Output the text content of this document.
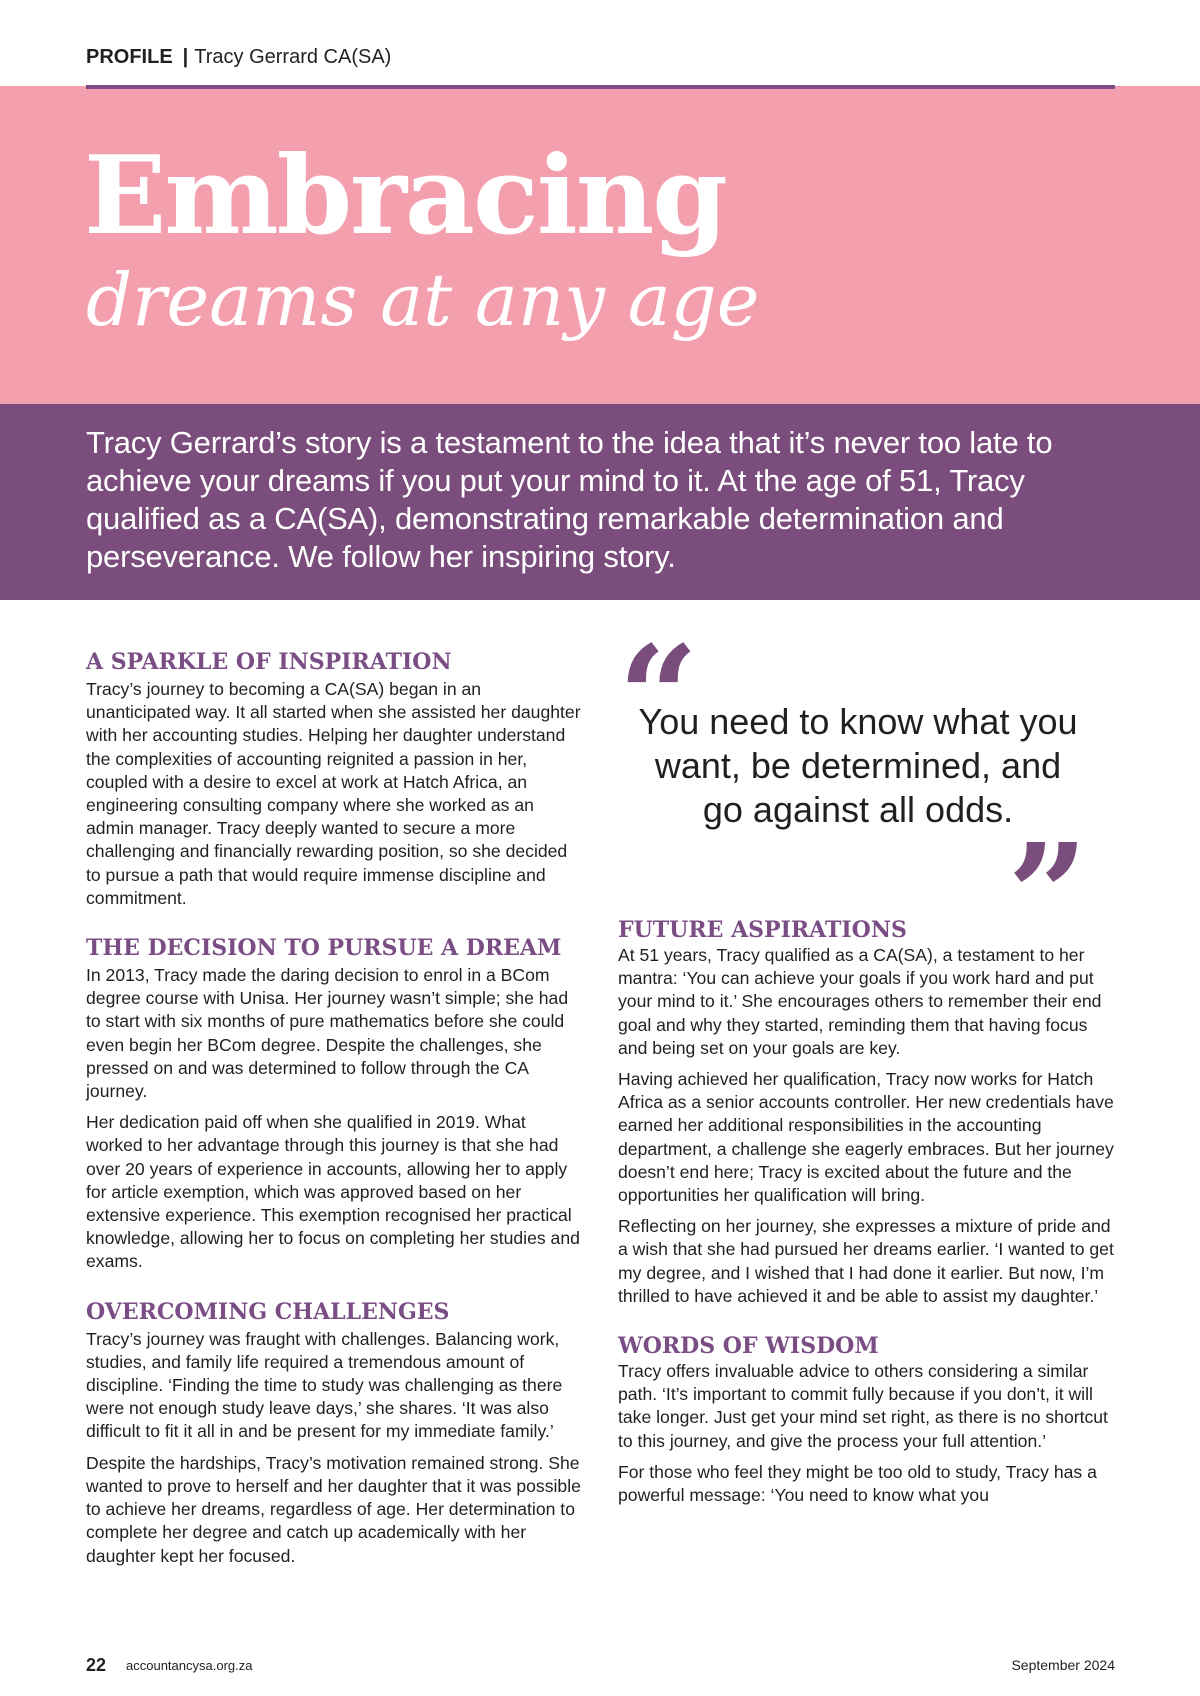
PROFILE | Tracy Gerrard CA(SA)
Embracing
dreams at any age

Tracy Gerrard’s story is a testament to the idea that it’s never too late to achieve your dreams if you put your mind to it. At the age of 51, Tracy qualified as a CA(SA), demonstrating remarkable determination and perseverance. We follow her inspiring story.

A SPARKLE OF INSPIRATION

Tracy’s journey to becoming a CA(SA) began in an unanticipated way. It all started when she assisted her daughter with her accounting studies. Helping her daughter understand the complexities of accounting reignited a passion in her, coupled with a desire to excel at work at Hatch Africa, an engineering consulting company where she worked as an admin manager. Tracy deeply wanted to secure a more challenging and financially rewarding position, so she decided to pursue a path that would require immense discipline and commitment.

THE DECISION TO PURSUE A DREAM

In 2013, Tracy made the daring decision to enrol in a BCom degree course with Unisa. Her journey wasn’t simple; she had to start with six months of pure mathematics before she could even begin her BCom degree. Despite the challenges, she pressed on and was determined to follow through the CA journey.

Her dedication paid off when she qualified in 2019. What worked to her advantage through this journey is that she had over 20 years of experience in accounts, allowing her to apply for article exemption, which was approved based on her extensive experience. This exemption recognised her practical knowledge, allowing her to focus on completing her studies and exams.

OVERCOMING CHALLENGES

Tracy’s journey was fraught with challenges. Balancing work, studies, and family life required a tremendous amount of discipline. ‘Finding the time to study was challenging as there were not enough study leave days,’ she shares. ‘It was also difficult to fit it all in and be present for my immediate family.’

Despite the hardships, Tracy’s motivation remained strong. She wanted to prove to herself and her daughter that it was possible to achieve her dreams, regardless of age. Her determination to complete her degree and catch up academically with her daughter kept her focused.

“
You need to know what you want, be determined, and go against all odds.
”
FUTURE ASPIRATIONS

At 51 years, Tracy qualified as a CA(SA), a testament to her mantra: ‘You can achieve your goals if you work hard and put your mind to it.’ She encourages others to remember their end goal and why they started, reminding them that having focus and being set on your goals are key.

Having achieved her qualification, Tracy now works for Hatch Africa as a senior accounts controller. Her new credentials have earned her additional responsibilities in the accounting department, a challenge she eagerly embraces. But her journey doesn’t end here; Tracy is excited about the future and the opportunities her qualification will bring.

Reflecting on her journey, she expresses a mixture of pride and a wish that she had pursued her dreams earlier. ‘I wanted to get my degree, and I wished that I had done it earlier. But now, I’m thrilled to have achieved it and be able to assist my daughter.’

WORDS OF WISDOM

Tracy offers invaluable advice to others considering a similar path. ‘It’s important to commit fully because if you don’t, it will take longer. Just get your mind set right, as there is no shortcut to this journey, and give the process your full attention.’

For those who feel they might be too old to study, Tracy has a powerful message: ‘You need to know what you

22 accountancysa.org.za	September 2024
